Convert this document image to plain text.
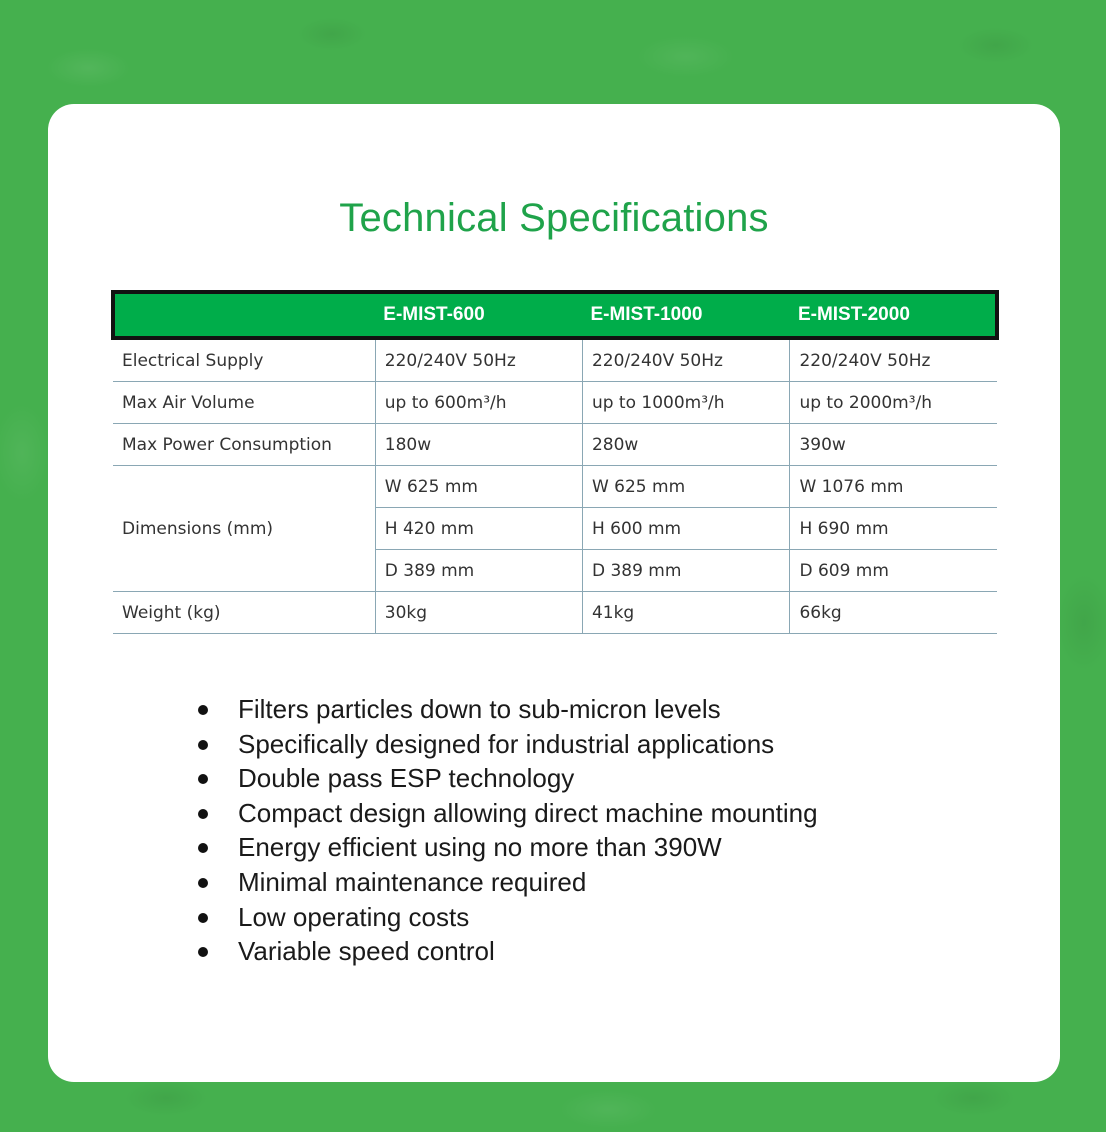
Technical Specifications
	E-MIST-600	E-MIST-1000	E-MIST-2000
Electrical Supply	220/240V 50Hz	220/240V 50Hz	220/240V 50Hz
Max Air Volume	up to 600m³/h	up to 1000m³/h	up to 2000m³/h
Max Power Consumption	180w	280w	390w
Dimensions (mm)	W 625 mm	W 625 mm	W 1076 mm
	H 420 mm	H 600 mm	H 690 mm
	D 389 mm	D 389 mm	D 609 mm
Weight (kg)	30kg	41kg	66kg
Filters particles down to sub-micron levels
Specifically designed for industrial applications
Double pass ESP technology
Compact design allowing direct machine mounting
Energy efficient using no more than 390W
Minimal maintenance required
Low operating costs
Variable speed control
